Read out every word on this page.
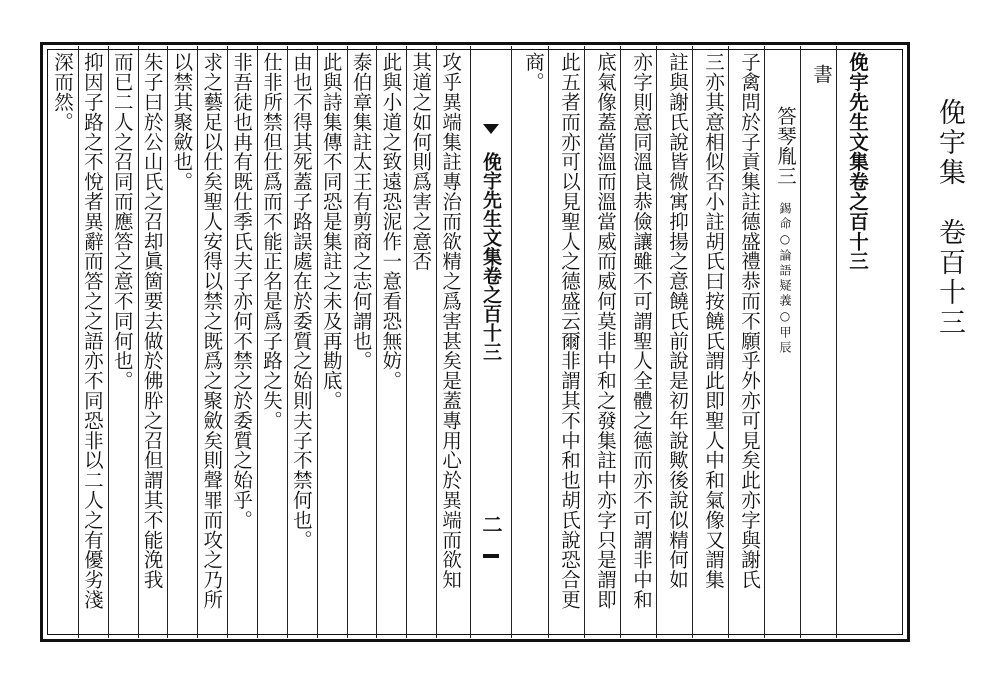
俛宇集　卷百十三
俛宇先生文集卷之百十三
書
答琴胤三
錫命○論語疑義○甲辰
子禽問於子貢集註德盛禮恭而不願乎外亦可見矣此亦字與謝氏
三亦其意相似否小註胡氏曰按饒氏謂此即聖人中和氣像又謂集
註與謝氏說皆微寓抑揚之意饒氏前說是初年說歟後說似精何如
亦字則意同溫良恭儉讓雖不可謂聖人全體之德而亦不可謂非中和
底氣像蓋當溫而溫當威而威何莫非中和之發集註中亦字只是謂即
此五者而亦可以見聖人之德盛云爾非謂其不中和也胡氏說恐合更
商。
俛宇先生文集卷之百十三
二
攻乎異端集註專治而欲精之爲害甚矣是蓋專用心於異端而欲知
其道之如何則爲害之意否
此與小道之致遠恐泥作一意看恐無妨。
泰伯章集註太王有剪商之志何謂也。
此與詩集傳不同恐是集註之未及再勘底。
由也不得其死蓋子路誤處在於委質之始則夫子不禁何也。
仕非所禁但仕爲而不能正名是爲子路之失。
非吾徒也冉有既仕季氏夫子亦何不禁之於委質之始乎。
求之藝足以仕矣聖人安得以禁之既爲之聚斂矣則聲罪而攻之乃所
以禁其聚斂也。
朱子曰於公山氏之召却眞箇要去做於佛肸之召但謂其不能浼我
而已二人之召同而應答之意不同何也。
抑因子路之不悅者異辭而答之之語亦不同恐非以二人之有優劣淺
深而然。
